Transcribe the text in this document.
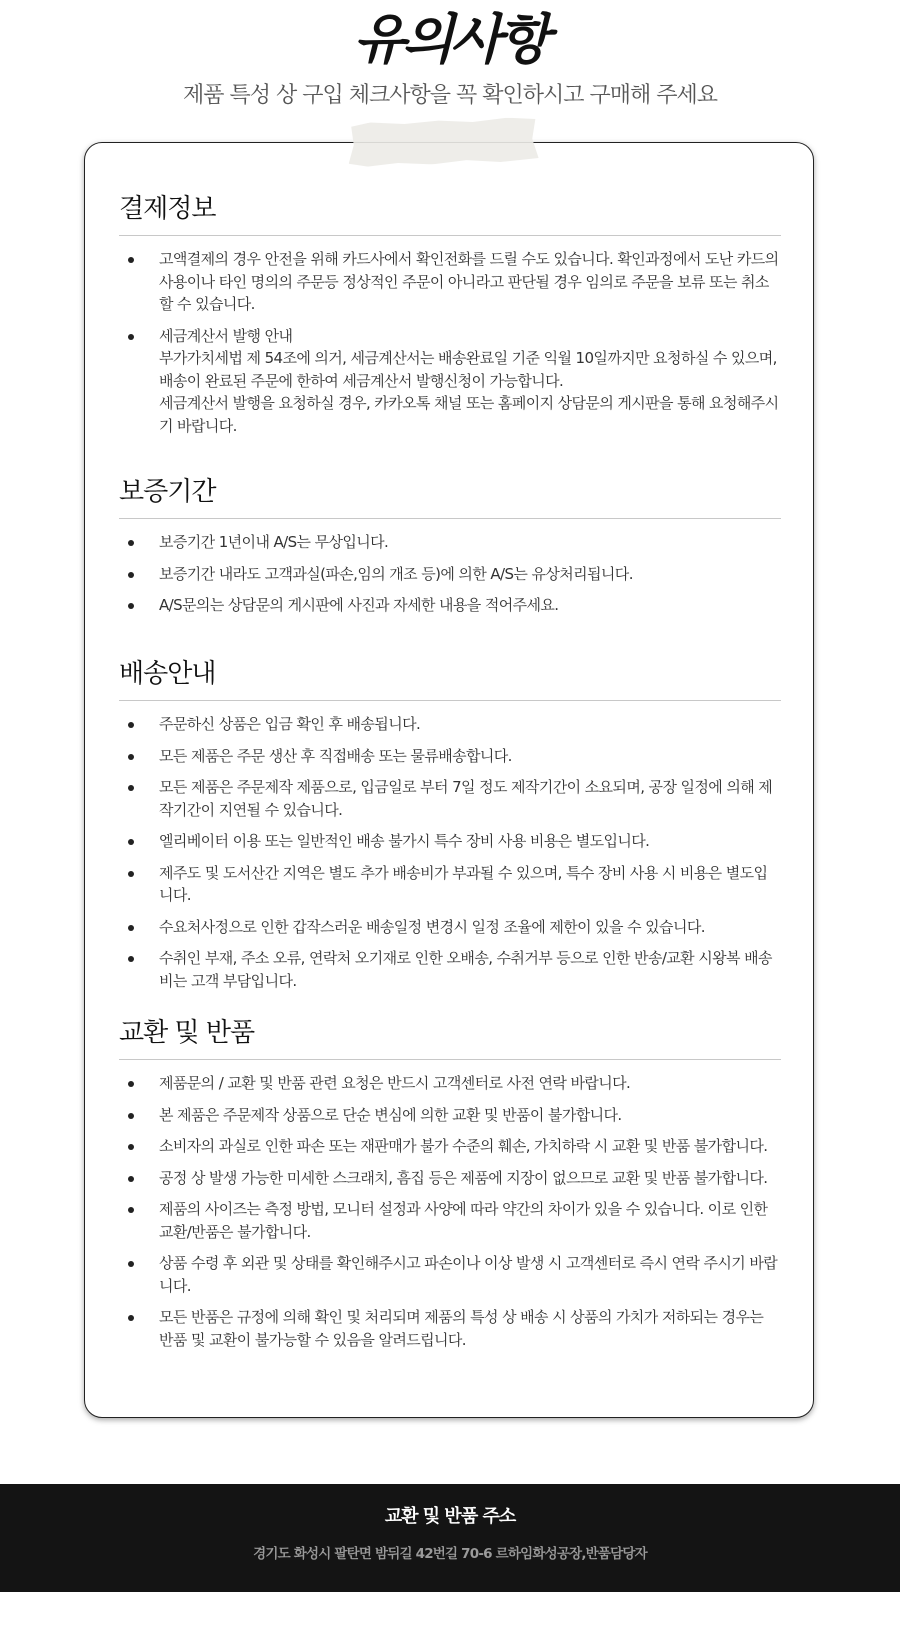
유의사항
제품 특성 상 구입 체크사항을 꼭 확인하시고 구매해 주세요
결제정보
고액결제의 경우 안전을 위해 카드사에서 확인전화를 드릴 수도 있습니다. 확인과정에서 도난 카드의 사용이나 타인 명의의 주문등 정상적인 주문이 아니라고 판단될 경우 임의로 주문을 보류 또는 취소할 수 있습니다.
세금계산서 발행 안내
부가가치세법 제 54조에 의거, 세금계산서는 배송완료일 기준 익월 10일까지만 요청하실 수 있으며, 배송이 완료된 주문에 한하여 세금계산서 발행신청이 가능합니다.
세금계산서 발행을 요청하실 경우, 카카오톡 채널 또는 홈페이지 상담문의 게시판을 통해 요청해주시기 바랍니다.
보증기간
보증기간 1년이내 A/S는 무상입니다.
보증기간 내라도 고객과실(파손,임의 개조 등)에 의한 A/S는 유상처리됩니다.
A/S문의는 상담문의 게시판에 사진과 자세한 내용을 적어주세요.
배송안내
주문하신 상품은 입금 확인 후 배송됩니다.
모든 제품은 주문 생산 후 직접배송 또는 물류배송합니다.
모든 제품은 주문제작 제품으로, 입금일로 부터 7일 정도 제작기간이 소요되며, 공장 일정에 의해 제작기간이 지연될 수 있습니다.
엘리베이터 이용 또는 일반적인 배송 불가시 특수 장비 사용 비용은 별도입니다.
제주도 및 도서산간 지역은 별도 추가 배송비가 부과될 수 있으며, 특수 장비 사용 시 비용은 별도입니다.
수요처사정으로 인한 갑작스러운 배송일정 변경시 일정 조율에 제한이 있을 수 있습니다.
수취인 부재, 주소 오류, 연락처 오기재로 인한 오배송, 수취거부 등으로 인한 반송/교환 시왕복 배송비는 고객 부담입니다.
교환 및 반품
제품문의 / 교환 및 반품 관련 요청은 반드시 고객센터로 사전 연락 바랍니다.
본 제품은 주문제작 상품으로 단순 변심에 의한 교환 및 반품이 불가합니다.
소비자의 과실로 인한 파손 또는 재판매가 불가 수준의 훼손, 가치하락 시 교환 및 반품 불가합니다.
공정 상 발생 가능한 미세한 스크래치, 흠집 등은 제품에 지장이 없으므로 교환 및 반품 불가합니다.
제품의 사이즈는 측정 방법, 모니터 설정과 사양에 따라 약간의 차이가 있을 수 있습니다. 이로 인한 교환/반품은 불가합니다.
상품 수령 후 외관 및 상태를 확인해주시고 파손이나 이상 발생 시 고객센터로 즉시 연락 주시기 바랍니다.
모든 반품은 규정에 의해 확인 및 처리되며 제품의 특성 상 배송 시 상품의 가치가 저하되는 경우는 반품 및 교환이 불가능할 수 있음을 알려드립니다.
교환 및 반품 주소
경기도 화성시 팔탄면 밤뒤길 42번길 70-6 르하임화성공장,반품담당자
